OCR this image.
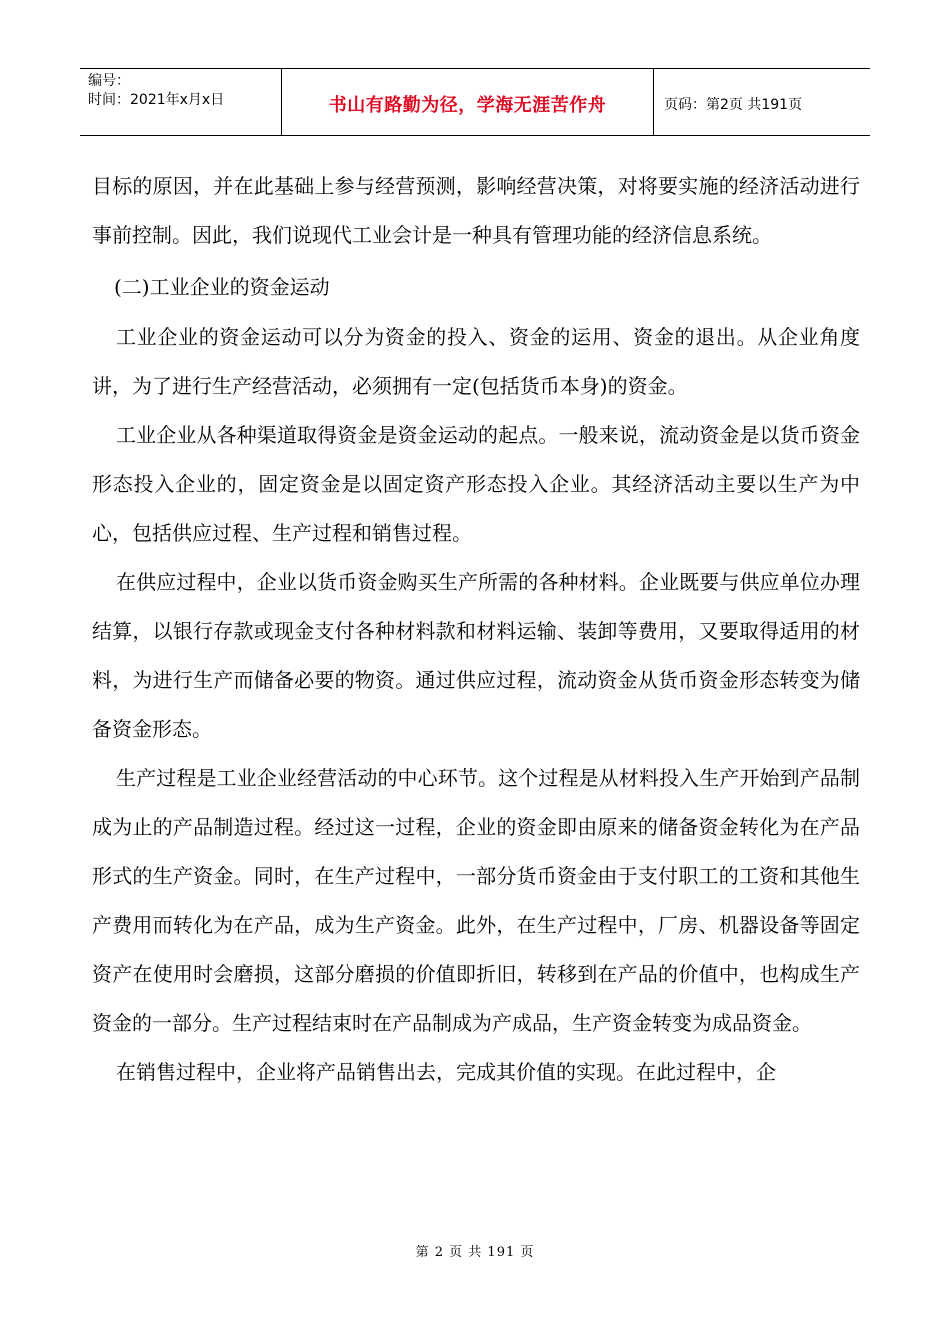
编号：
时间：2021年x月x日	书山有路勤为径，学海无涯苦作舟	页码：第2页 共191页

目标的原因，并在此基础上参与经营预测，影响经营决策，对将要实施的经济活动进行事前控制。因此，我们说现代工业会计是一种具有管理功能的经济信息系统。

(二)工业企业的资金运动

工业企业的资金运动可以分为资金的投入、资金的运用、资金的退出。从企业角度讲，为了进行生产经营活动，必须拥有一定(包括货币本身)的资金。

工业企业从各种渠道取得资金是资金运动的起点。一般来说，流动资金是以货币资金形态投入企业的，固定资金是以固定资产形态投入企业。其经济活动主要以生产为中心，包括供应过程、生产过程和销售过程。

在供应过程中，企业以货币资金购买生产所需的各种材料。企业既要与供应单位办理结算，以银行存款或现金支付各种材料款和材料运输、装卸等费用，又要取得适用的材料，为进行生产而储备必要的物资。通过供应过程，流动资金从货币资金形态转变为储备资金形态。

生产过程是工业企业经营活动的中心环节。这个过程是从材料投入生产开始到产品制成为止的产品制造过程。经过这一过程，企业的资金即由原来的储备资金转化为在产品形式的生产资金。同时，在生产过程中，一部分货币资金由于支付职工的工资和其他生产费用而转化为在产品，成为生产资金。此外，在生产过程中，厂房、机器设备等固定资产在使用时会磨损，这部分磨损的价值即折旧，转移到在产品的价值中，也构成生产资金的一部分。生产过程结束时在产品制成为产成品，生产资金转变为成品资金。

在销售过程中，企业将产品销售出去，完成其价值的实现。在此过程中，企

第 2 页 共 191 页
